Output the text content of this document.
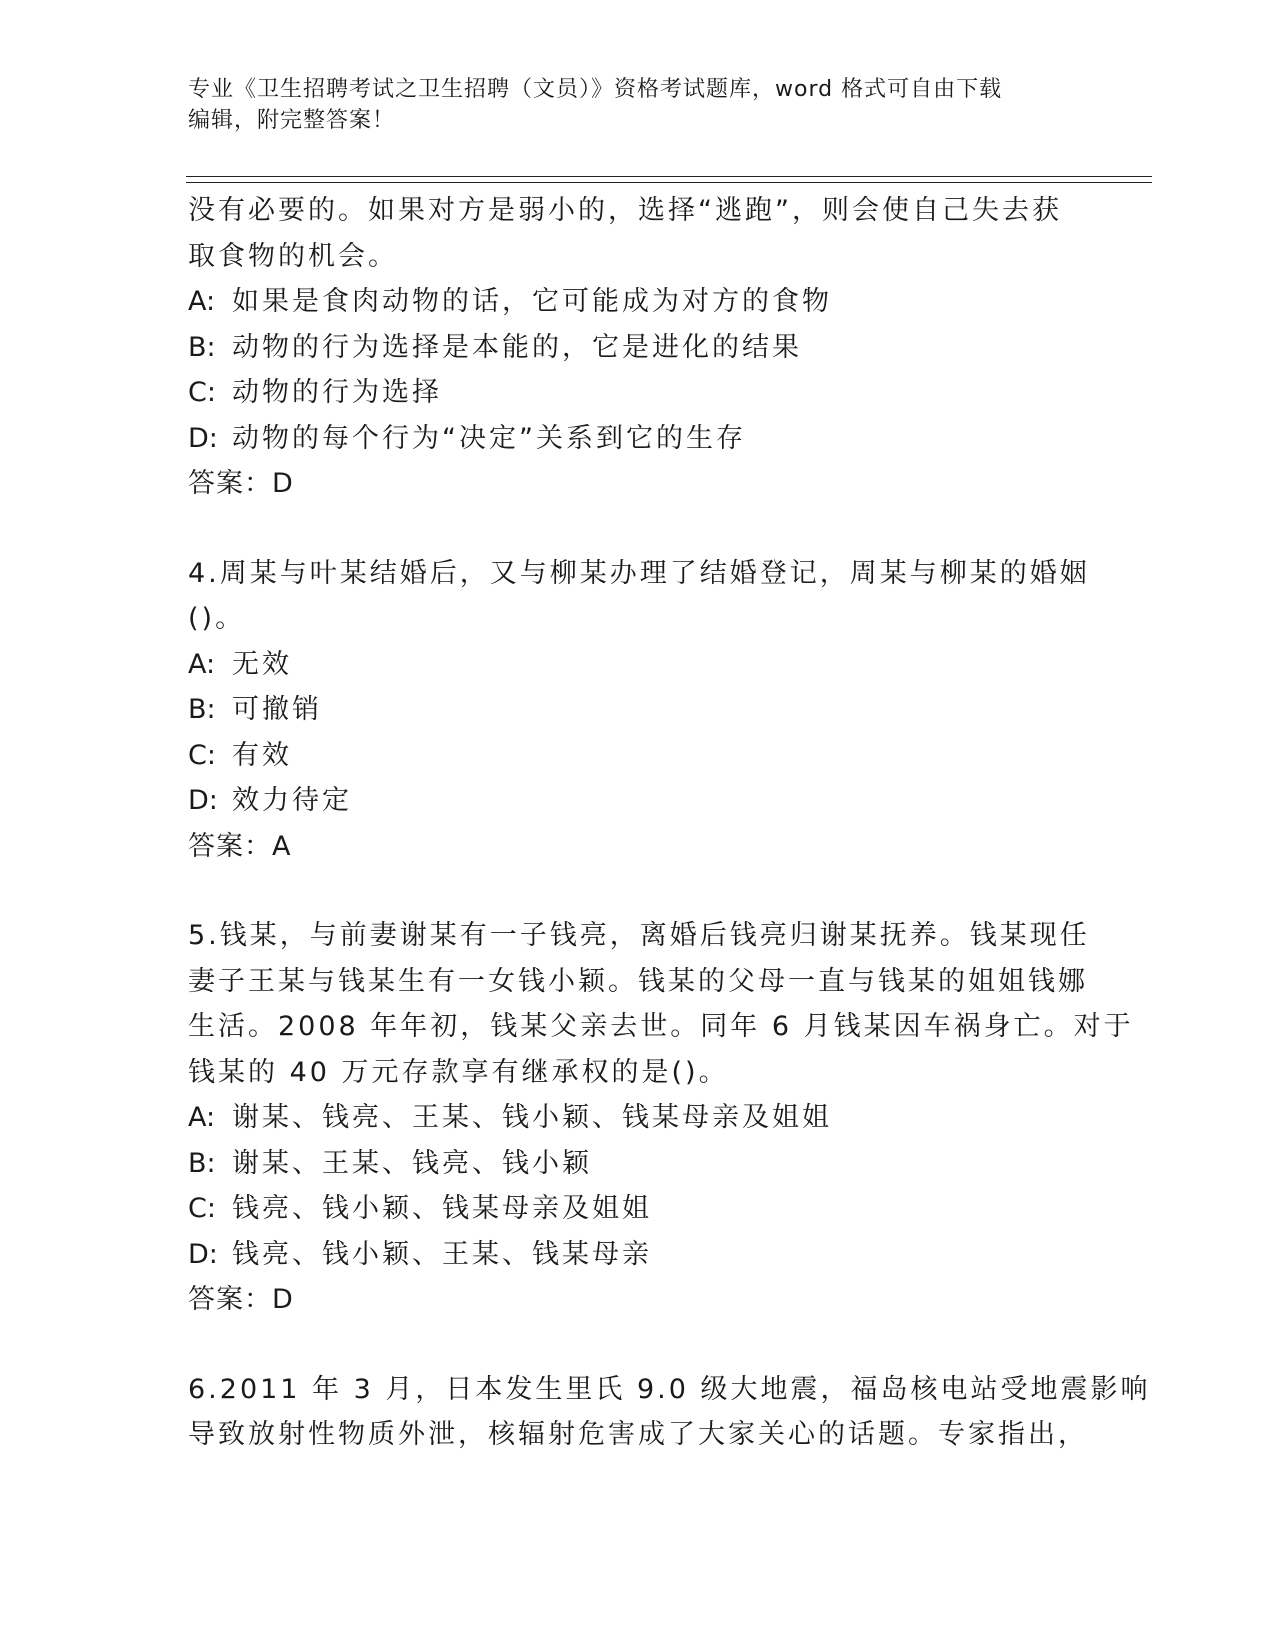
专业《卫生招聘考试之卫生招聘（文员）》资格考试题库，word 格式可自由下载
编辑，附完整答案！
没有必要的。如果对方是弱小的，选择“逃跑”，则会使自己失去获
取食物的机会。
A: 如果是食肉动物的话，它可能成为对方的食物
B: 动物的行为选择是本能的，它是进化的结果
C: 动物的行为选择
D: 动物的每个行为“决定”关系到它的生存
答案：D
4.周某与叶某结婚后，又与柳某办理了结婚登记，周某与柳某的婚姻
()。
A: 无效
B: 可撤销
C: 有效
D: 效力待定
答案：A
5.钱某，与前妻谢某有一子钱亮，离婚后钱亮归谢某抚养。钱某现任
妻子王某与钱某生有一女钱小颖。钱某的父母一直与钱某的姐姐钱娜
生活。2008 年年初，钱某父亲去世。同年 6 月钱某因车祸身亡。对于
钱某的 40 万元存款享有继承权的是()。
A: 谢某、钱亮、王某、钱小颖、钱某母亲及姐姐
B: 谢某、王某、钱亮、钱小颖
C: 钱亮、钱小颖、钱某母亲及姐姐
D: 钱亮、钱小颖、王某、钱某母亲
答案：D
6.2011 年 3 月，日本发生里氏 9.0 级大地震，福岛核电站受地震影响
导致放射性物质外泄，核辐射危害成了大家关心的话题。专家指出，
